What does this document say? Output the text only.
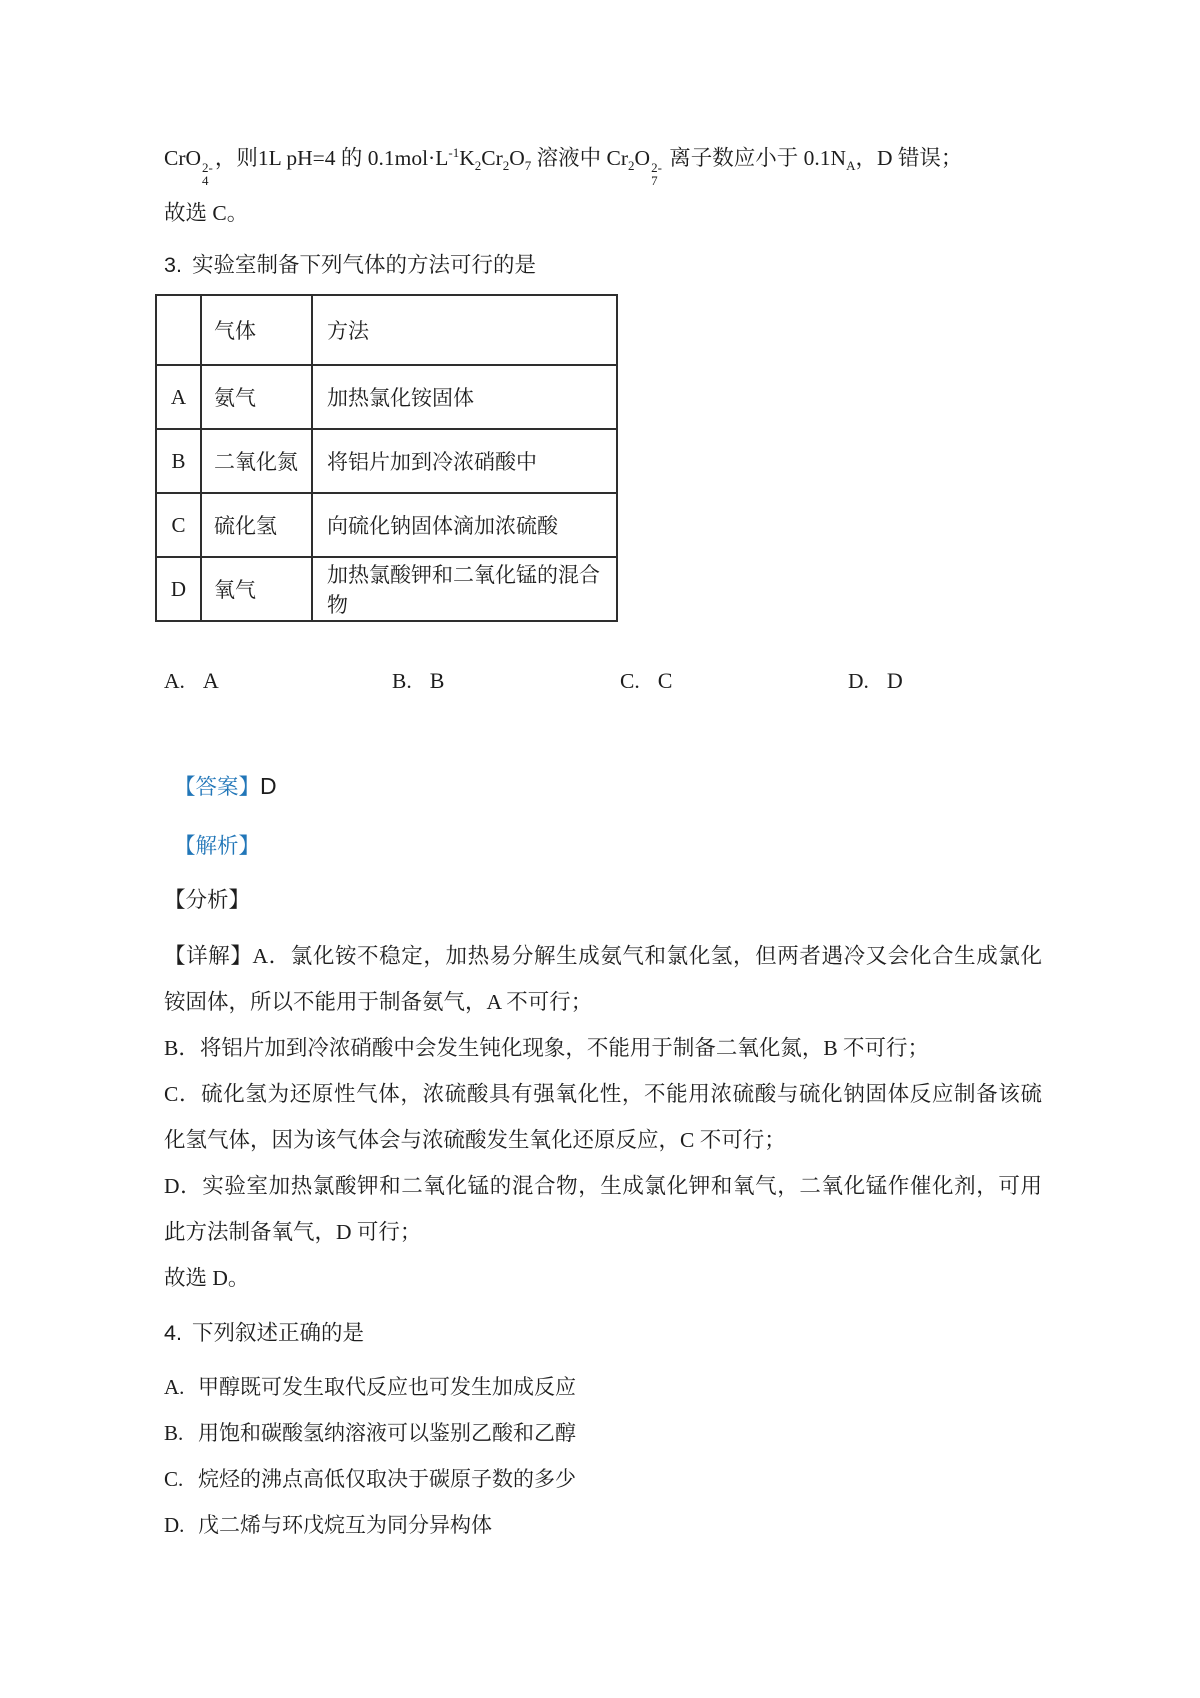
CrO 2-
4
，则1L pH=4 的 $0.1mol\cdot L^{-1}K_2Cr_2O_7$ 溶液中 $Cr_2O$ 2-
7
离子数应小于 $0.1N_A$，D 错误；
故选 C。
3. 实验室制备下列气体的方法可行的是
	气体	方法
A	氨气	加热氯化铵固体
B	二氧化氮	将铝片加到冷浓硝酸中
C	硫化氢	向硫化钠固体滴加浓硫酸
D	氧气	加热氯酸钾和二氧化锰的混合物
A. A	B. B	C. C	D. D
【答案】D
【解析】
【分析】
【详解】A．氯化铵不稳定，加热易分解生成氨气和氯化氢，但两者遇冷又会化合生成氯化
铵固体，所以不能用于制备氨气，A 不可行；
B．将铝片加到冷浓硝酸中会发生钝化现象，不能用于制备二氧化氮，B 不可行；
C．硫化氢为还原性气体，浓硫酸具有强氧化性，不能用浓硫酸与硫化钠固体反应制备该硫
化氢气体，因为该气体会与浓硫酸发生氧化还原反应，C 不可行；
D．实验室加热氯酸钾和二氧化锰的混合物，生成氯化钾和氧气，二氧化锰作催化剂，可用
此方法制备氧气，D 可行；
故选 D。
4. 下列叙述正确的是
A. 甲醇既可发生取代反应也可发生加成反应
B. 用饱和碳酸氢纳溶液可以鉴别乙酸和乙醇
C. 烷烃的沸点高低仅取决于碳原子数的多少
D. 戊二烯与环戊烷互为同分异构体
